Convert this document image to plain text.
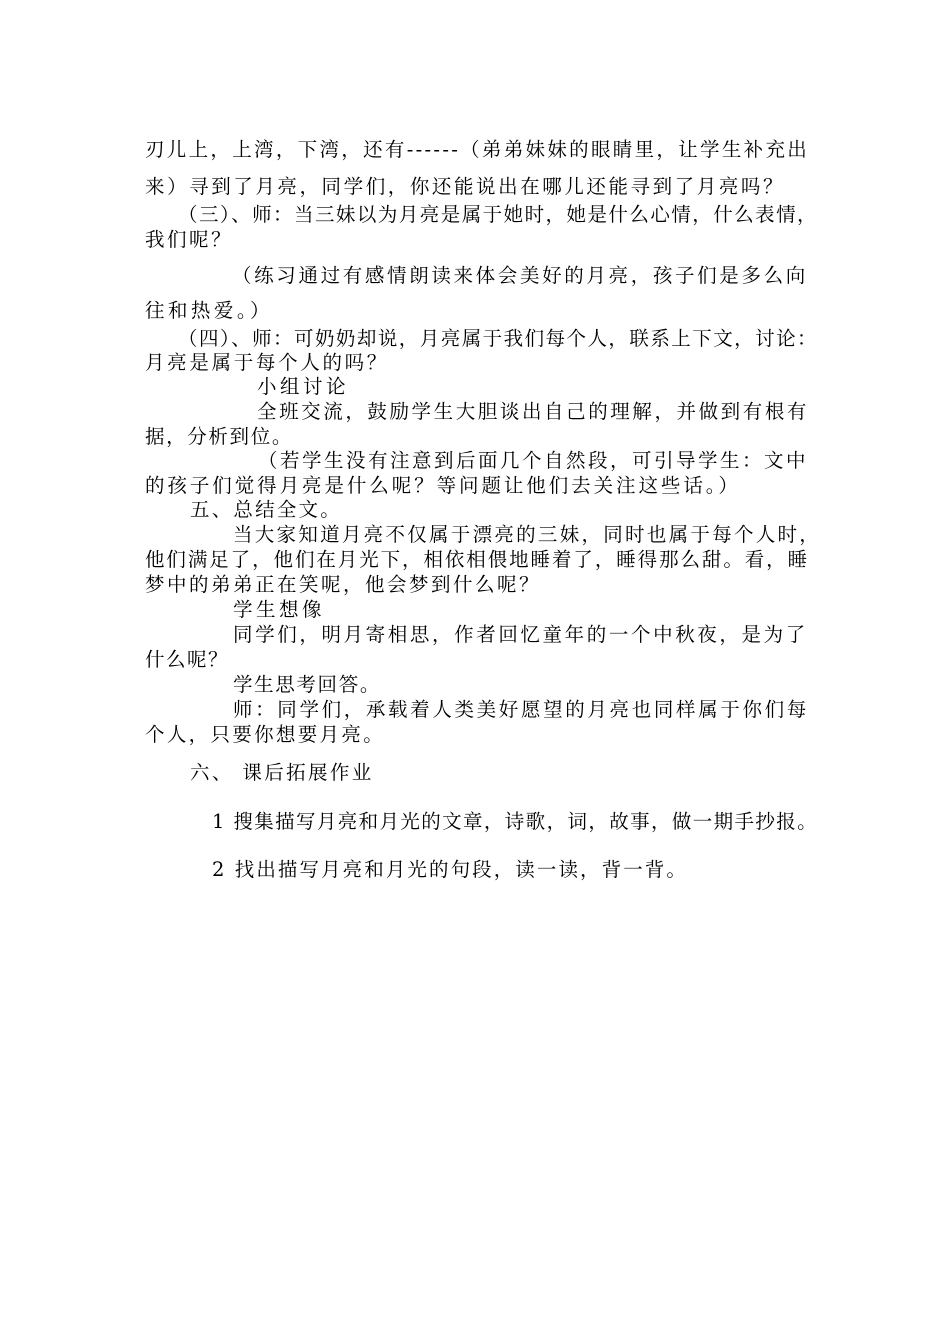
刃儿上，上湾，下湾，还有------（弟弟妹妹的眼睛里，让学生补充出
来）寻到了月亮，同学们，你还能说出在哪儿还能寻到了月亮吗？
（三）、师：当三妹以为月亮是属于她时，她是什么心情，什么表情，
我们呢？
（练习通过有感情朗读来体会美好的月亮，孩子们是多么向
往和热爱。）
（四）、师：可奶奶却说，月亮属于我们每个人，联系上下文，讨论：
月亮是属于每个人的吗？
小组讨论
全班交流，鼓励学生大胆谈出自己的理解，并做到有根有
据，分析到位。
（若学生没有注意到后面几个自然段，可引导学生：文中
的孩子们觉得月亮是什么呢？等问题让他们去关注这些话。）
五、总结全文。
当大家知道月亮不仅属于漂亮的三妹，同时也属于每个人时，
他们满足了，他们在月光下，相依相偎地睡着了，睡得那么甜。看，睡
梦中的弟弟正在笑呢，他会梦到什么呢？
学生想像
同学们，明月寄相思，作者回忆童年的一个中秋夜，是为了
什么呢？
学生思考回答。
师：同学们，承载着人类美好愿望的月亮也同样属于你们每
个人，只要你想要月亮。
六、 课后拓展作业
1 搜集描写月亮和月光的文章，诗歌，词，故事，做一期手抄报。
2 找出描写月亮和月光的句段，读一读，背一背。
